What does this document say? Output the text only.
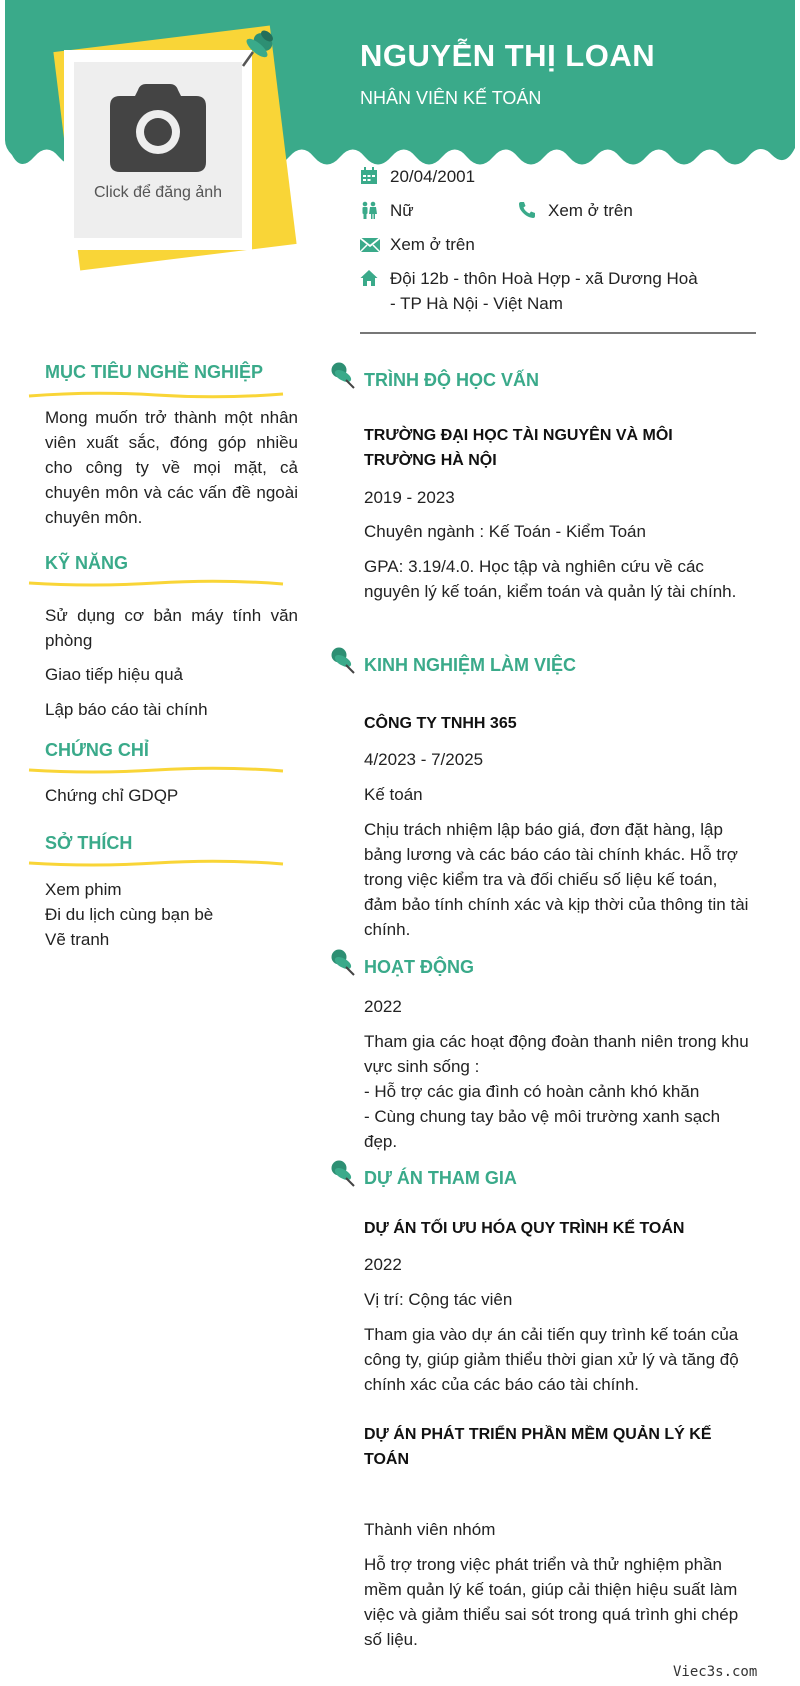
Click để đăng ảnh
NGUYỄN THỊ LOAN
NHÂN VIÊN KẾ TOÁN
20/04/2001
Nữ	Xem ở trên
Xem ở trên
Đội 12b - thôn Hoà Hợp - xã Dương Hoà - TP Hà Nội - Việt Nam
MỤC TIÊU NGHỀ NGHIỆP

Mong muốn trở thành một nhân viên xuất sắc, đóng góp nhiều cho công ty về mọi mặt, cả chuyên môn và các vấn đề ngoài chuyên môn.

KỸ NĂNG

Sử dụng cơ bản máy tính văn phòng

Giao tiếp hiệu quả

Lập báo cáo tài chính

CHỨNG CHỈ

Chứng chỉ GDQP

SỞ THÍCH

Xem phim

Đi du lịch cùng bạn bè

Vẽ tranh

TRÌNH ĐỘ HỌC VẤN

TRƯỜNG ĐẠI HỌC TÀI NGUYÊN VÀ MÔI TRƯỜNG HÀ NỘI

2019 - 2023

Chuyên ngành : Kế Toán - Kiểm Toán

GPA: 3.19/4.0. Học tập và nghiên cứu về các nguyên lý kế toán, kiểm toán và quản lý tài chính.

KINH NGHIỆM LÀM VIỆC

CÔNG TY TNHH 365

4/2023 - 7/2025

Kế toán

Chịu trách nhiệm lập báo giá, đơn đặt hàng, lập bảng lương và các báo cáo tài chính khác. Hỗ trợ trong việc kiểm tra và đối chiếu số liệu kế toán, đảm bảo tính chính xác và kịp thời của thông tin tài chính.

HOẠT ĐỘNG

2022

Tham gia các hoạt động đoàn thanh niên trong khu vực sinh sống :
- Hỗ trợ các gia đình có hoàn cảnh khó khăn
- Cùng chung tay bảo vệ môi trường xanh sạch đẹp.

DỰ ÁN THAM GIA

DỰ ÁN TỐI ƯU HÓA QUY TRÌNH KẾ TOÁN

2022

Vị trí: Cộng tác viên

Tham gia vào dự án cải tiến quy trình kế toán của công ty, giúp giảm thiểu thời gian xử lý và tăng độ chính xác của các báo cáo tài chính.

DỰ ÁN PHÁT TRIỂN PHẦN MỀM QUẢN LÝ KẾ TOÁN

Thành viên nhóm

Hỗ trợ trong việc phát triển và thử nghiệm phần mềm quản lý kế toán, giúp cải thiện hiệu suất làm việc và giảm thiểu sai sót trong quá trình ghi chép số liệu.

Viec3s.com
